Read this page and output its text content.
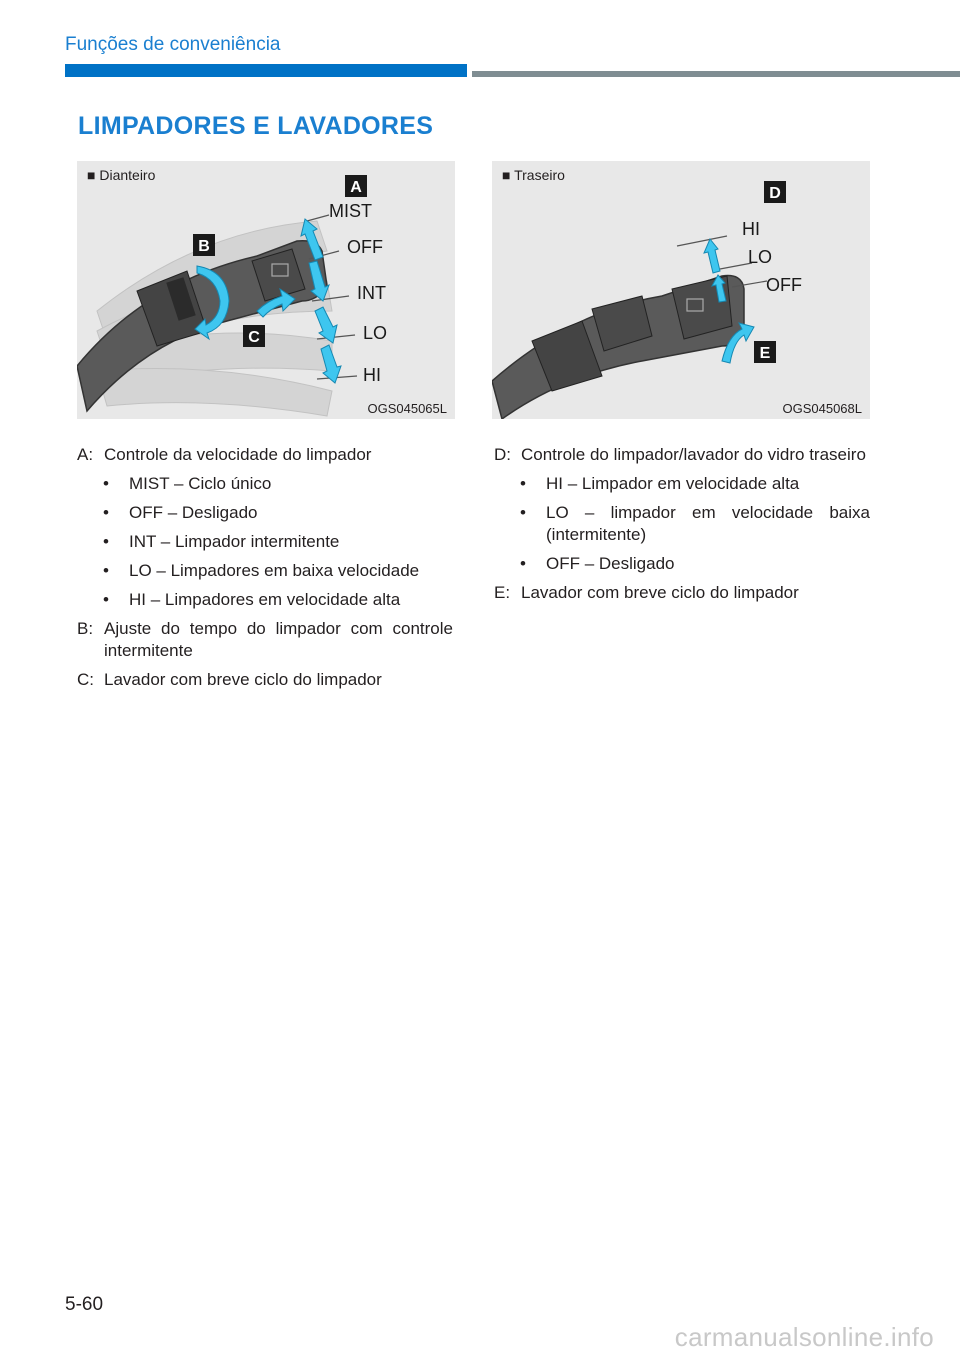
Funções de conveniência
LIMPADORES E LAVADORES
A
B
C
MIST
OFF
INT
LO
HI
■ Dianteiro
OGS045065L
D
E
HI
LO
OFF
■ Traseiro
OGS045068L
A: Controle da velocidade do limpador
•	MIST – Ciclo único
•	OFF – Desligado
•	INT – Limpador intermitente
•	LO – Limpadores em baixa velocidade
•	HI – Limpadores em velocidade alta
B: Ajuste do tempo do limpador com controle intermitente
C: Lavador com breve ciclo do limpador
D: Controle do limpador/lavador do vidro traseiro
•	HI – Limpador em velocidade alta
•	LO – limpador em velocidade baixa (intermitente)
•	OFF – Desligado
E: Lavador com breve ciclo do limpador
5-60
carmanualsonline.info
